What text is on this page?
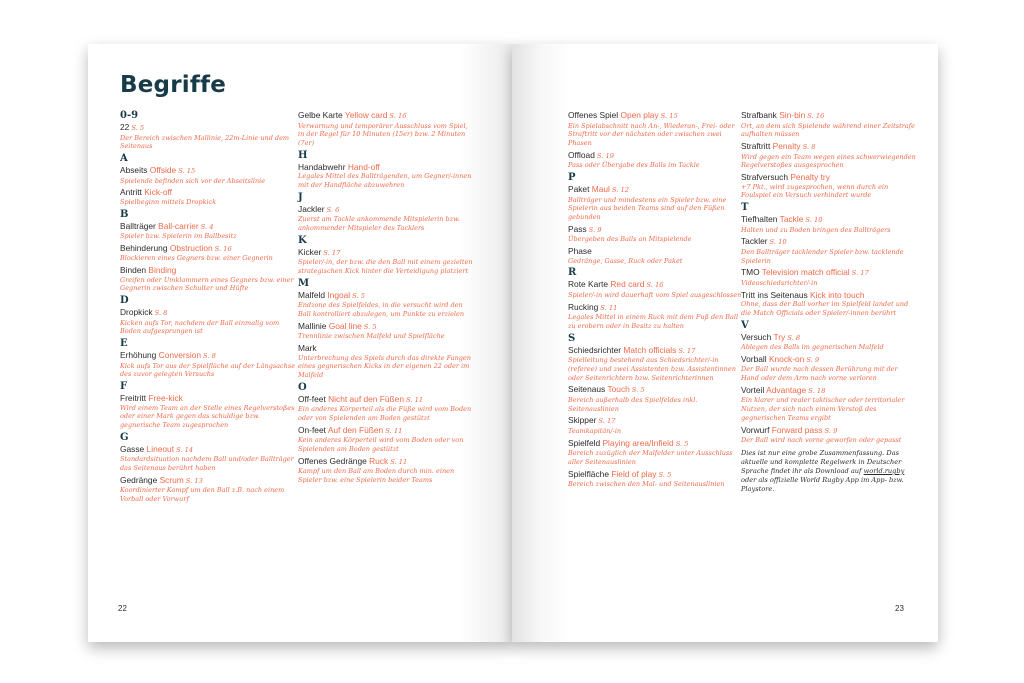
Begriffe
0-9
22 S. 5
Der Bereich zwischen Mallinie, 22m-Linie und dem Seitenaus
A
Abseits Offside S. 15
Spielende befinden sich vor der Abseitslinie
Antritt Kick-off
Spielbeginn mittels Dropkick
B
Ballträger Ball-carrier S. 4
Spieler bzw. Spielerin im Ballbesitz
Behinderung Obstruction S. 16
Blockieren eines Gegners bzw. einer Gegnerin
Binden Binding
Greifen oder Umklammern eines Gegners bzw. einer Gegnerin zwischen Schulter und Hüfte
D
Dropkick S. 8
Kicken aufs Tor, nachdem der Ball einmalig vom Boden aufgesprungen ist
E
Erhöhung Conversion S. 8
Kick aufs Tor aus der Spielfläche auf der Längsachse des zuvor gelegten Versuchs
F
Freitritt Free-kick
Wird einem Team an der Stelle eines Regelverstoßes oder einer Mark gegen das schuldige bzw. gegnerische Team zugesprochen
G
Gasse Lineout S. 14
Standardsituation nachdem Ball und/oder Ballträger das Seitenaus berührt haben
Gedränge Scrum S. 13
Koordinierter Kampf um den Ball z.B. nach einem Vorball oder Vorwurf
Gelbe Karte Yellow card S. 16
Verwarnung und temporärer Ausschluss vom Spiel, in der Regel für 10 Minuten (15er) bzw. 2 Minuten (7er)
H
Handabwehr Hand-off
Legales Mittel des Ballträgenden, um Gegner/-innen mit der Handfläche abzuwehren
J
Jackler S. 6
Zuerst am Tackle ankommende Mitspielerin bzw. ankommender Mitspieler des Tacklers
K
Kicker S. 17
Spieler/-in, der bzw. die den Ball mit einem gezielten strategischen Kick hinter die Verteidigung platziert
M
Malfeld Ingoal S. 5
Endzone des Spielfeldes, in die versucht wird den Ball kontrolliert abzulegen, um Punkte zu erzielen
Mallinie Goal line S. 5
Trennlinie zwischen Malfeld und Spielfläche
Mark
Unterbrechung des Spiels durch das direkte Fangen eines gegnerischen Kicks in der eigenen 22 oder im Malfeld
O
Off-feet Nicht auf den Füßen S. 11
Ein anderes Körperteil als die Füße wird vom Boden oder von Spielenden am Boden gestützt
On-feet Auf den Füßen S. 11
Kein anderes Körperteil wird vom Boden oder von Spielenden am Boden gestützt
Offenes Gedränge Ruck S. 11
Kampf um den Ball am Boden durch min. einen Spieler bzw. eine Spielerin beider Teams
22
Offenes Spiel Open play S. 15
Ein Spielabschnitt nach An-, Wiederan-, Frei- oder Straftritt vor der nächsten oder zwischen zwei Phasen
Offload S. 19
Pass oder Übergabe des Balls im Tackle
P
Paket Maul S. 12
Ballträger und mindestens ein Spieler bzw. eine Spielerin aus beiden Teams sind auf den Füßen gebunden
Pass S. 9
Übergeben des Balls an Mitspielende
Phase
Gedränge, Gasse, Ruck oder Paket
R
Rote Karte Red card S. 16
Spieler/-in wird dauerhaft vom Spiel ausgeschlossen
Rucking S. 11
Legales Mittel in einem Ruck mit dem Fuß den Ball zu erobern oder in Besitz zu halten
S
Schiedsrichter Match officials S. 17
Spielleitung bestehend aus Schiedsrichter/-in (referee) und zwei Assistenten bzw. Assistentinnen oder Seitenrichtern bzw. Seitenrichterinnen
Seitenaus Touch S. 5
Bereich außerhalb des Spielfeldes inkl. Seitenauslinien
Skipper S. 17
Teamkapitän/-in
Spielfeld Playing area/Infield S. 5
Bereich zuzüglich der Malfelder unter Ausschluss aller Seitenauslinien
Spielfläche Field of play S. 5
Bereich zwischen den Mal- und Seitenauslinien
Strafbank Sin-bin S. 16
Ort, an dem sich Spielende während einer Zeitstrafe aufhalten müssen
Straftritt Penalty S. 8
Wird gegen ein Team wegen eines schwerwiegenden Regelverstoßes ausgesprochen
Strafversuch Penalty try
+7 Pkt., wird zugesprochen, wenn durch ein Foulspiel ein Versuch verhindert wurde
T
Tiefhalten Tackle S. 10
Halten und zu Boden bringen des Ballträgers
Tackler S. 10
Den Ballträger tacklender Spieler bzw. tacklende Spielerin
TMO Television match official S. 17
Videoschiedsrichter/-in
Tritt ins Seitenaus Kick into touch
Ohne, dass der Ball vorher im Spielfeld landet und die Match Officials oder Spieler/-innen berührt
V
Versuch Try S. 8
Ablegen des Balls im gegnerischen Malfeld
Vorball Knock-on S. 9
Der Ball wurde nach dessen Berührung mit der Hand oder dem Arm nach vorne verloren
Vorteil Advantage S. 18
Ein klarer und realer taktischer oder territorialer Nutzen, der sich nach einem Verstoß des gegnerischen Teams ergibt
Vorwurf Forward pass S. 9
Der Ball wird nach vorne geworfen oder gepasst
Dies ist nur eine grobe Zusammenfassung. Das aktuelle und komplette Regelwerk in Deutscher Sprache findet ihr als Download auf world.rugby oder als offizielle World Rugby App im App- bzw. Playstore.
23
